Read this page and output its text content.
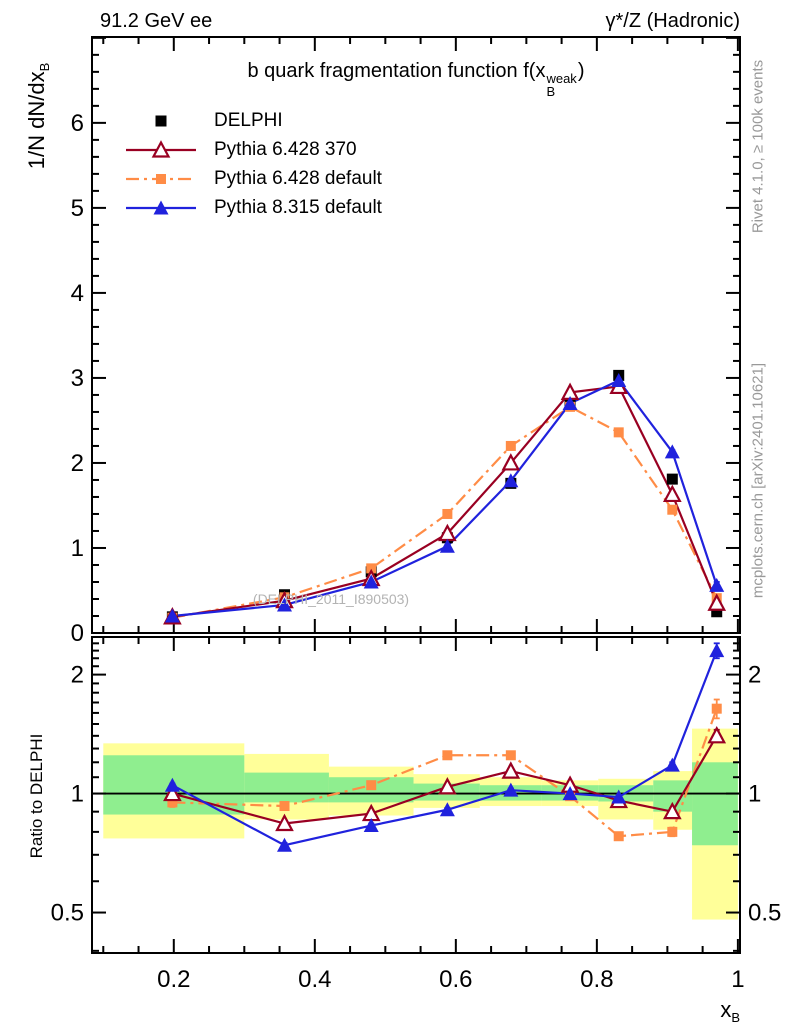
0
1
2
3
4
5
6
0.5	0.5
1	1
2	2
0.2	0.4	0.6	0.8	1
91.2 GeV ee	γ*/Z (Hadronic)
b quark fragmentation function f(x weak
B
)
DELPHI
Pythia 6.428 370
Pythia 6.428 default
Pythia 8.315 default
1/N $dN/dx_B$
Ratio to DELPHI
$x_B$
(DELPHI_2011_I890503)
Rivet 4.1.0, ≥ 100k events
mcplots.cern.ch [arXiv:2401.10621]
